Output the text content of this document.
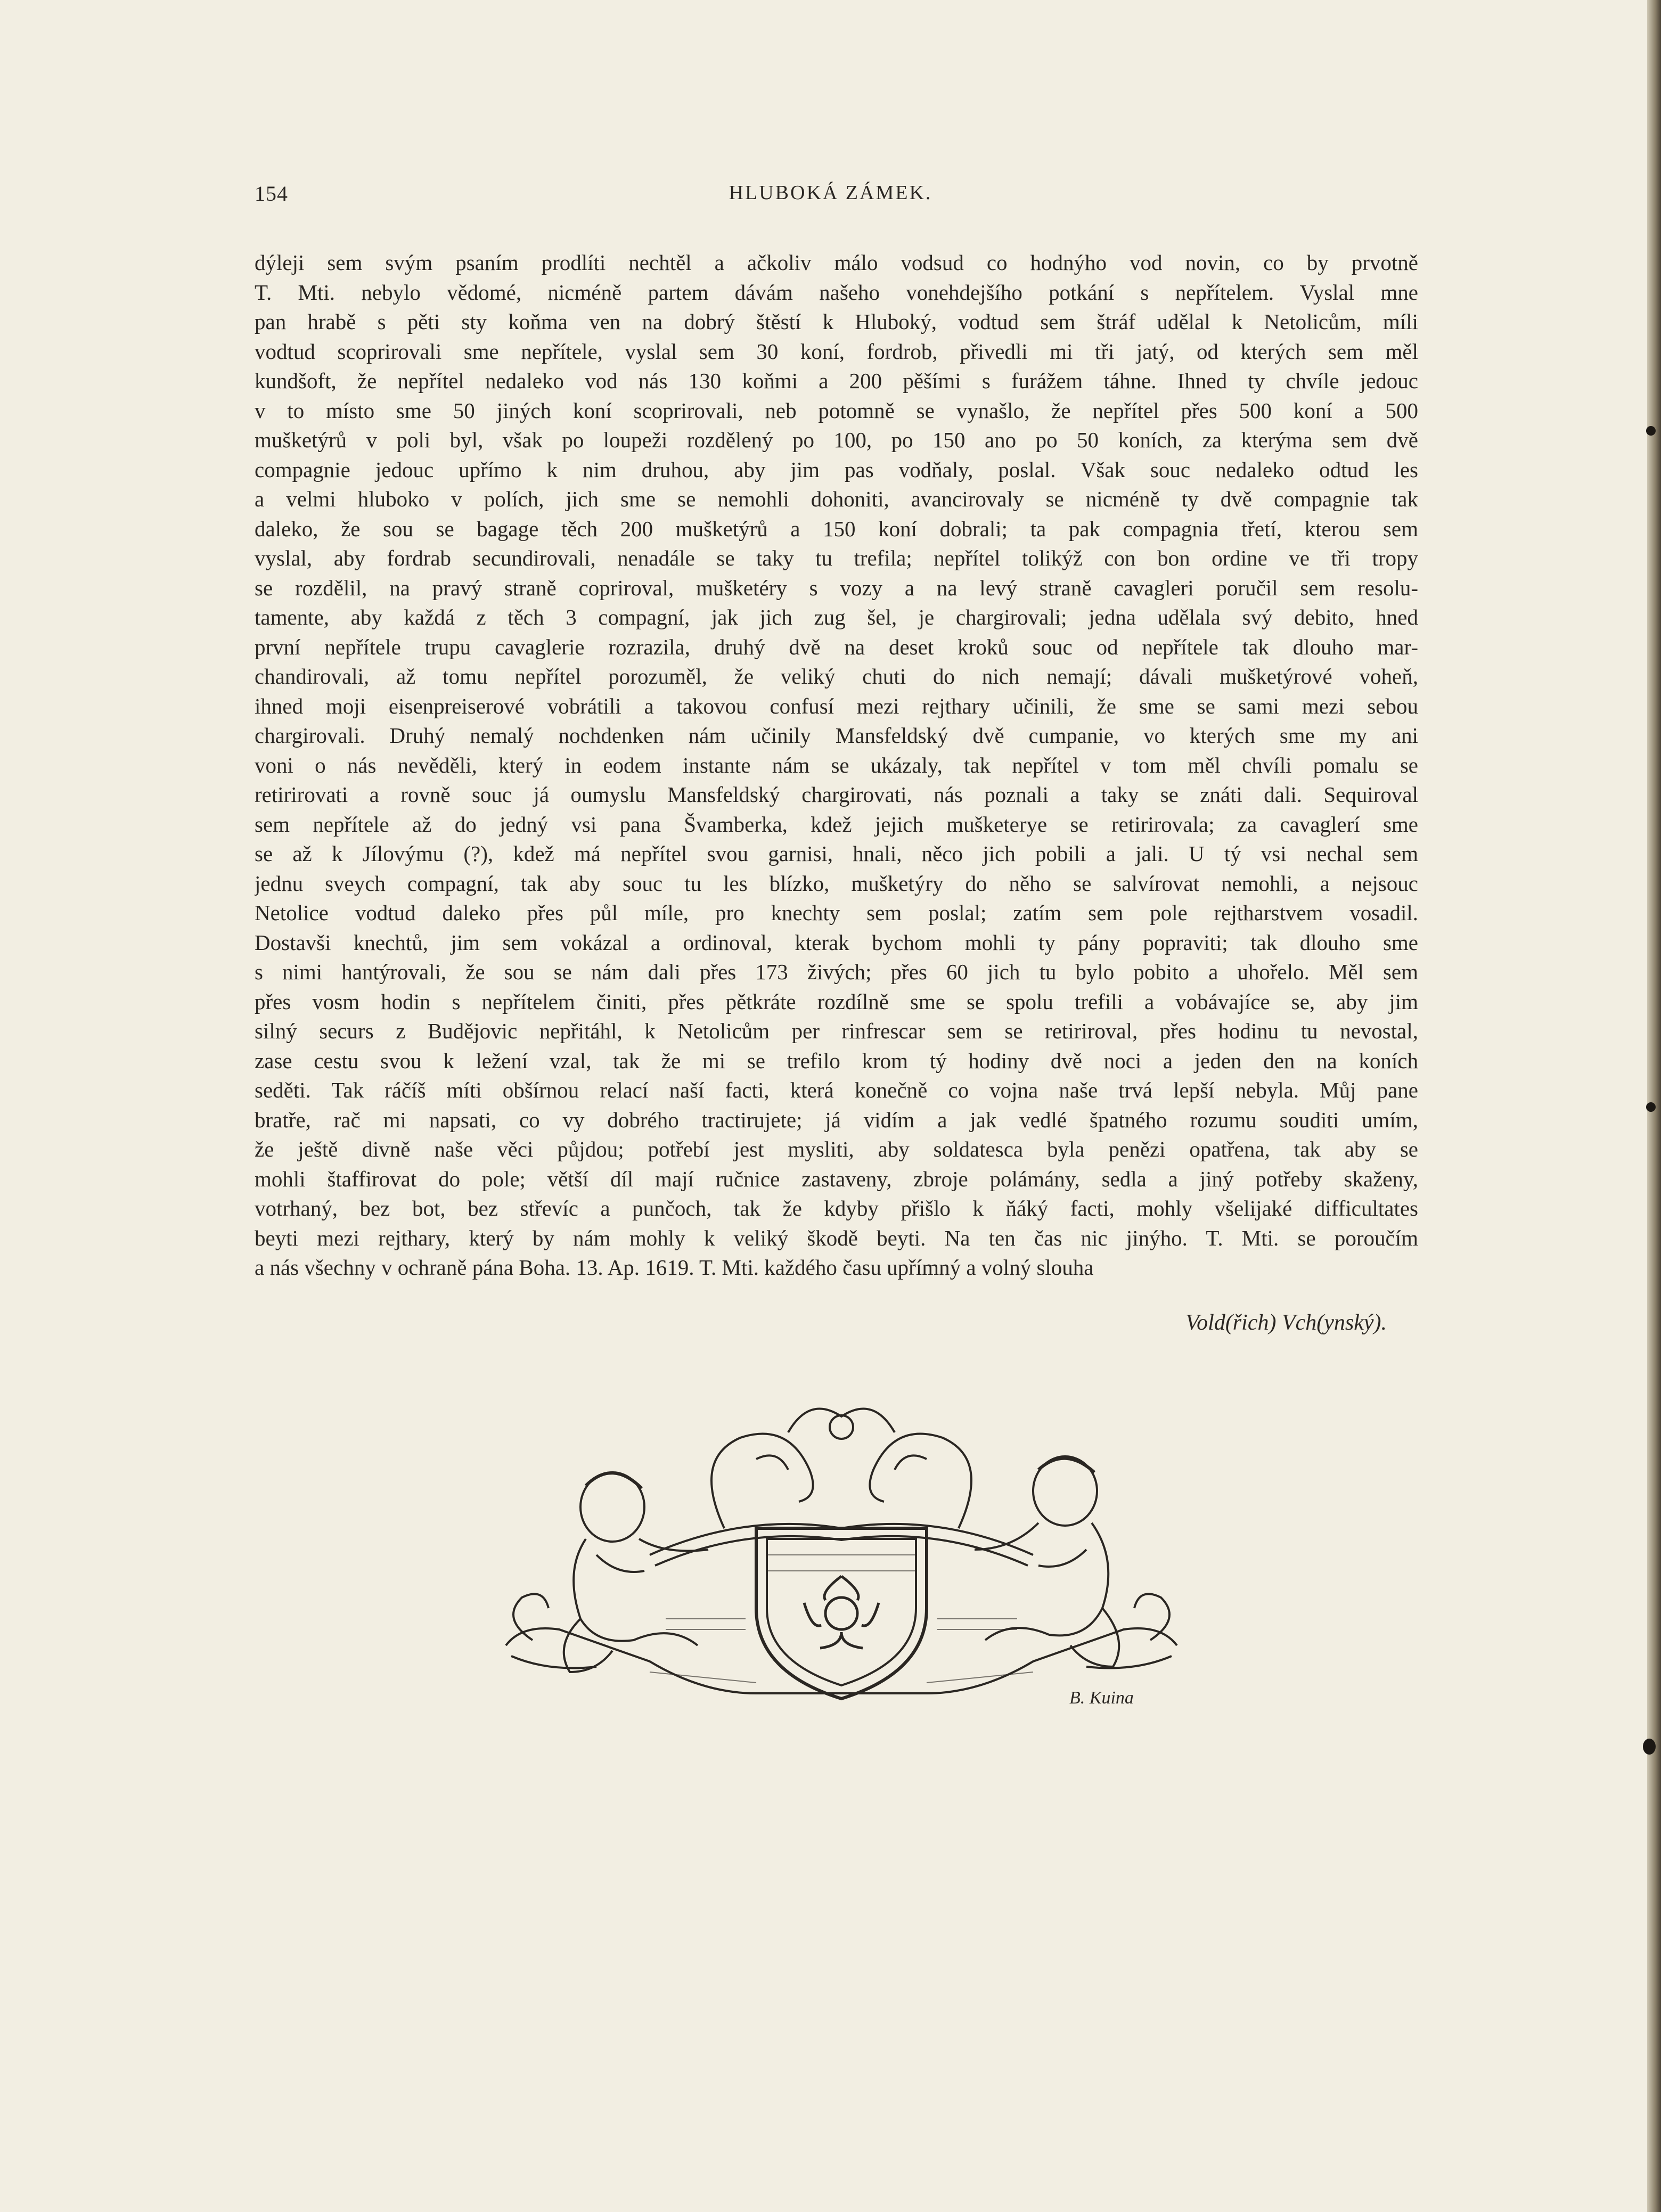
154	HLUBOKÁ ZÁMEK.
dýleji sem svým psaním prodlíti nechtěl a ačkoliv málo vodsud co hodnýho vod novin, co by prvotně
T. Mti. nebylo vědomé, nicméně partem dávám našeho vonehdejšího potkání s nepřítelem. Vyslal mne
pan hrabě s pěti sty koňma ven na dobrý štěstí k Hluboký, vodtud sem štráf udělal k Netolicům, míli
vodtud scoprirovali sme nepřítele, vyslal sem 30 koní, fordrob, přivedli mi tři jatý, od kterých sem měl
kundšoft, že nepřítel nedaleko vod nás 130 koňmi a 200 pěšími s furážem táhne. Ihned ty chvíle jedouc
v to místo sme 50 jiných koní scoprirovali, neb potomně se vynašlo, že nepřítel přes 500 koní a 500
mušketýrů v poli byl, však po loupeži rozdělený po 100, po 150 ano po 50 koních, za kterýma sem dvě
compagnie jedouc upřímo k nim druhou, aby jim pas vodňaly, poslal. Však souc nedaleko odtud les
a velmi hluboko v polích, jich sme se nemohli dohoniti, avancirovaly se nicméně ty dvě compagnie tak
daleko, že sou se bagage těch 200 mušketýrů a 150 koní dobrali; ta pak compagnia třetí, kterou sem
vyslal, aby fordrab secundirovali, nenadále se taky tu trefila; nepřítel tolikýž con bon ordine ve tři tropy
se rozdělil, na pravý straně copriroval, mušketéry s vozy a na levý straně cavagleri poručil sem resolu-
tamente, aby každá z těch 3 compagní, jak jich zug šel, je chargirovali; jedna udělala svý debito, hned
první nepřítele trupu cavaglerie rozrazila, druhý dvě na deset kroků souc od nepřítele tak dlouho mar-
chandirovali, až tomu nepřítel porozuměl, že veliký chuti do nich nemají; dávali mušketýrové voheň,
ihned moji eisenpreiserové vobrátili a takovou confusí mezi rejthary učinili, že sme se sami mezi sebou
chargirovali. Druhý nemalý nochdenken nám učinily Mansfeldský dvě cumpanie, vo kterých sme my ani
voni o nás nevěděli, který in eodem instante nám se ukázaly, tak nepřítel v tom měl chvíli pomalu se
retirirovati a rovně souc já oumyslu Mansfeldský chargirovati, nás poznali a taky se znáti dali. Sequiroval
sem nepřítele až do jedný vsi pana Švamberka, kdež jejich mušketerye se retirirovala; za cavaglerí sme
se až k Jílovýmu (?), kdež má nepřítel svou garnisi, hnali, něco jich pobili a jali. U tý vsi nechal sem
jednu sveych compagní, tak aby souc tu les blízko, mušketýry do něho se salvírovat nemohli, a nejsouc
Netolice vodtud daleko přes půl míle, pro knechty sem poslal; zatím sem pole rejtharstvem vosadil.
Dostavši knechtů, jim sem vokázal a ordinoval, kterak bychom mohli ty pány popraviti; tak dlouho sme
s nimi hantýrovali, že sou se nám dali přes 173 živých; přes 60 jich tu bylo pobito a uhořelo. Měl sem
přes vosm hodin s nepřítelem činiti, přes pětkráte rozdílně sme se spolu trefili a vobávajíce se, aby jim
silný securs z Budějovic nepřitáhl, k Netolicům per rinfrescar sem se retiriroval, přes hodinu tu nevostal,
zase cestu svou k ležení vzal, tak že mi se trefilo krom tý hodiny dvě noci a jeden den na koních
seděti. Tak ráčíš míti obšírnou relací naší facti, která konečně co vojna naše trvá lepší nebyla. Můj pane
bratře, rač mi napsati, co vy dobrého tractirujete; já vidím a jak vedlé špatného rozumu souditi umím,
že ještě divně naše věci půjdou; potřebí jest mysliti, aby soldatesca byla penězi opatřena, tak aby se
mohli štaffirovat do pole; větší díl mají ručnice zastaveny, zbroje polámány, sedla a jiný potřeby skaženy,
votrhaný, bez bot, bez střevíc a punčoch, tak že kdyby přišlo k ňáký facti, mohly všelijaké difficultates
beyti mezi rejthary, který by nám mohly k veliký škodě beyti. Na ten čas nic jinýho. T. Mti. se poroučím
a nás všechny v ochraně pána Boha. 13. Ap. 1619. T. Mti. každého času upřímný a volný slouha
Vold(řich) Vch(ynský).
B. Kuina
